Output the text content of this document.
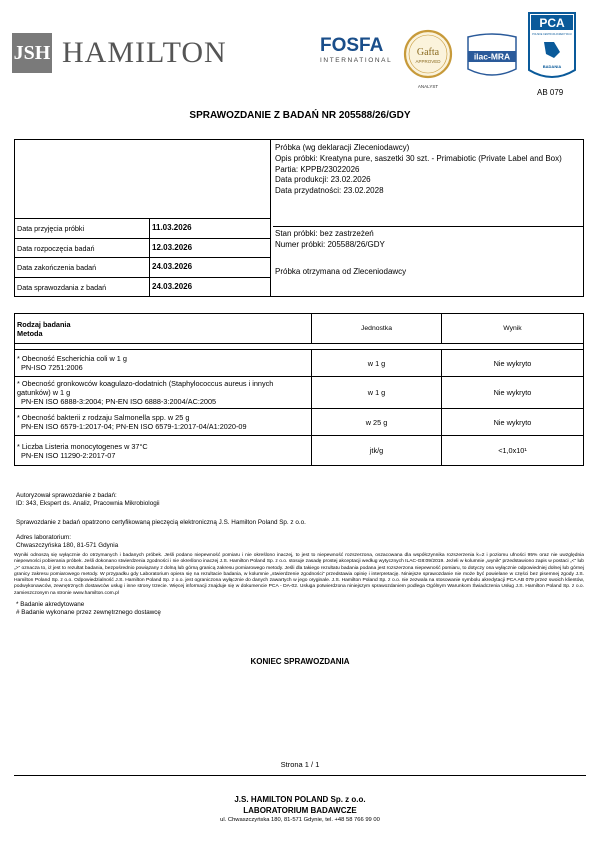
JSH HAMILTON	FOSFA
INTERNATIONAL
Gafta
APPROVED
ANALYST
ilac-MRA
PCA
POLSKIE CENTRUM AKREDYTACJI
BADANIA
AB 079
SPRAWOZDANIE Z BADAŃ NR 205588/26/GDY
Data przyjęcia próbki	11.03.2026
Data rozpoczęcia badań	12.03.2026
Data zakończenia badań	24.03.2026
Data sprawozdania z badań	24.03.2026
Próbka (wg deklaracji Zleceniodawcy)
Opis próbki: Kreatyna pure, saszetki 30 szt. - Primabiotic (Private Label and Box)
Partia: KPPB/23022026
Data produkcji: 23.02.2026
Data przydatności: 23.02.2028
Stan próbki: bez zastrzeżeń
Numer próbki: 205588/26/GDY
Próbka otrzymana od Zleceniodawcy
Rodzaj badania
Metoda	Jednostka	Wynik

* Obecność Escherichia coli w 1 g
PN-ISO 7251:2006	w 1 g	Nie wykryto

* Obecność gronkowców koagulazo-dodatnich (Staphylococcus aureus i innych gatunków) w 1 g
PN-EN ISO 6888-3:2004; PN-EN ISO 6888-3:2004/AC:2005	w 1 g	Nie wykryto

* Obecność bakterii z rodzaju Salmonella spp. w 25 g
PN-EN ISO 6579-1:2017-04; PN-EN ISO 6579-1:2017-04/A1:2020-09	w 25 g	Nie wykryto

* Liczba Listeria monocytogenes w 37°C
PN-EN ISO 11290-2:2017-07	jtk/g	<1,0x10¹
Autoryzował sprawozdanie z badań:
ID: 343, Ekspert ds. Analiz, Pracownia Mikrobiologii
Sprawozdanie z badań opatrzono certyfikowaną pieczęcią elektroniczną J.S. Hamilton Poland Sp. z o.o.
Adres laboratorium:
Chwaszczyńska 180, 81-571 Gdynia
Wyniki odnoszą się wyłącznie do otrzymanych i badanych próbek. Jeśli podano niepewność pomiaru i nie określono inaczej, to jest to niepewność rozszerzona, oszacowana dla współczynnika rozszerzenia k=2 i poziomu ufności 95% oraz nie uwzględnia niepewności pobierania próbek. Jeśli dokonano stwierdzenia zgodności i nie określono inaczej J.S. Hamilton Poland Sp. z o.o. stosuje zasadę prostej akceptacji według wytycznych ILAC-G8:09/2019. Jeżeli w kolumnie „wynik” przedstawiono zapis w postaci „<” lub „>” oznacza to, iż jest to rezultat badania, bezpośrednio powiązany z dolną lub górną granicą zakresu pomiarowego metody. Jeśli dla takiego rezultatu badania podana jest rozszerzona niepewność pomiaru, to dotyczy ona wyłącznie odpowiedniej dolnej lub górnej granicy zakresu pomiarowego metody. W przypadku gdy Laboratorium opiera się na rezultacie badania, w kolumnie „stwierdzenie zgodności” przedstawia opinię i interpretację. Niniejsze sprawozdanie nie może być powielane w części bez pisemnej zgody J.S. Hamilton Poland Sp. z o.o. Odpowiedzialność J.S. Hamilton Poland Sp. z o.o. jest ograniczona wyłącznie do danych zawartych w jego oryginale. J.S. Hamilton Poland Sp. z o.o. nie zezwala na stosowanie symbolu akredytacji PCA AB 079 przez swoich klientów, podwykonawców, zewnętrznych dostawców usług i inne strony trzecie. Więcej informacji znajduje się w dokumencie PCA - DA-02. Usługa potwierdzona niniejszym sprawozdaniem podlega Ogólnym Warunkom Świadczenia Usług J.S. Hamilton Poland Sp. z o.o. zamieszczonym na stronie www.hamilton.com.pl
* Badanie akredytowane
# Badanie wykonane przez zewnętrznego dostawcę
KONIEC SPRAWOZDANIA
Strona 1 / 1
J.S. HAMILTON POLAND Sp. z o.o.
LABORATORIUM BADAWCZE
ul. Chwaszczyńska 180, 81-571 Gdynie, tel. +48 58 766 99 00
